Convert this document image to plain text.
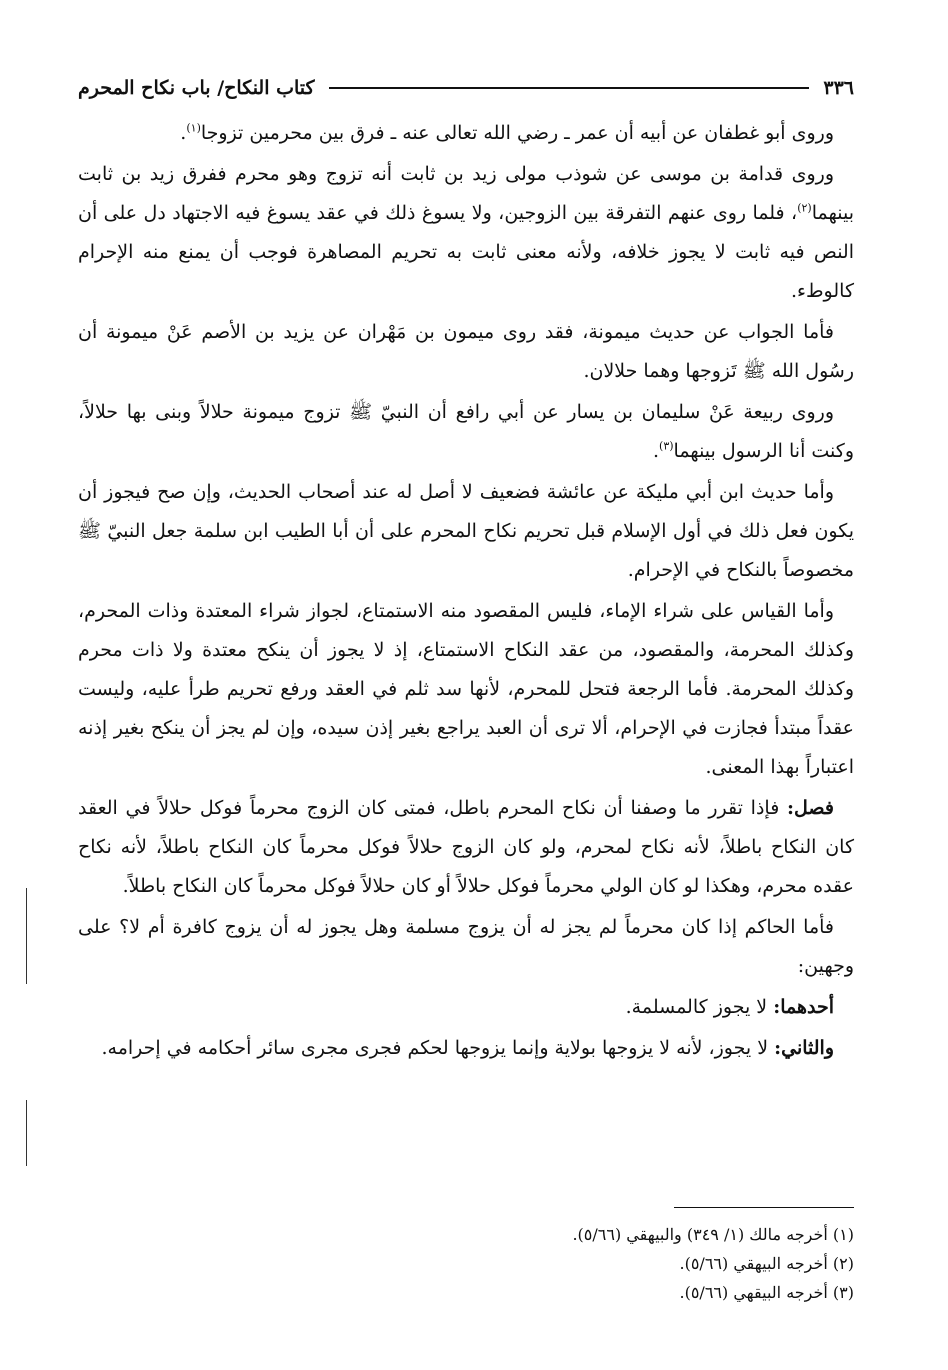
٣٣٦
كتاب النكاح/ باب نكاح المحرم

وروى أبو غطفان عن أبيه أن عمر ـ رضي الله تعالى عنه ـ فرق بين محرمين تزوجا$^{(١)}$.

وروى قدامة بن موسى عن شوذب مولى زيد بن ثابت أنه تزوج وهو محرم ففرق زيد بن ثابت بينهما$^{(٢)}$، فلما روى عنهم التفرقة بين الزوجين، ولا يسوغ ذلك في عقد يسوغ فيه الاجتهاد دل على أن النص فيه ثابت لا يجوز خلافه، ولأنه معنى ثابت به تحريم المصاهرة فوجب أن يمنع منه الإحرام كالوطء.

فأما الجواب عن حديث ميمونة، فقد روى ميمون بن مَهْران عن يزيد بن الأصم عَنْ ميمونة أن رسُول الله ﷺ تَزوجها وهما حلالان.

وروى ربيعة عَنْ سليمان بن يسار عن أبي رافع أن النبيّ ﷺ تزوج ميمونة حلالاً وبنى بها حلالاً، وكنت أنا الرسول بينهما$^{(٣)}$.

وأما حديث ابن أبي مليكة عن عائشة فضعيف لا أصل له عند أصحاب الحديث، وإن صح فيجوز أن يكون فعل ذلك في أول الإسلام قبل تحريم نكاح المحرم على أن أبا الطيب ابن سلمة جعل النبيّ ﷺ مخصوصاً بالنكاح في الإحرام.

وأما القياس على شراء الإماء، فليس المقصود منه الاستمتاع، لجواز شراء المعتدة وذات المحرم، وكذلك المحرمة، والمقصود، من عقد النكاح الاستمتاع، إذ لا يجوز أن ينكح معتدة ولا ذات محرم وكذلك المحرمة. فأما الرجعة فتحل للمحرم، لأنها سد ثلم في العقد ورفع تحريم طرأ عليه، وليست عقداً مبتدأ فجازت في الإحرام، ألا ترى أن العبد يراجع بغير إذن سيده، وإن لم يجز أن ينكح بغير إذنه اعتباراً بهذا المعنى.

فصل: فإذا تقرر ما وصفنا أن نكاح المحرم باطل، فمتى كان الزوج محرماً فوكل حلالاً في العقد كان النكاح باطلاً، لأنه نكاح لمحرم، ولو كان الزوج حلالاً فوكل محرماً كان النكاح باطلاً، لأنه نكاح عقده محرم، وهكذا لو كان الولي محرماً فوكل حلالاً أو كان حلالاً فوكل محرماً كان النكاح باطلاً.

فأما الحاكم إذا كان محرماً لم يجز له أن يزوج مسلمة وهل يجوز له أن يزوج كافرة أم لا؟ على وجهين:

أحدهما: لا يجوز كالمسلمة.

والثاني: لا يجوز، لأنه لا يزوجها بولاية وإنما يزوجها لحكم فجرى مجرى سائر أحكامه في إحرامه.

(١) أخرجه مالك (١/ ٣٤٩) والبيهقي (٥/٦٦).
(٢) أخرجه البيهقي (٥/٦٦).
(٣) أخرجه البيقهي (٥/٦٦).
